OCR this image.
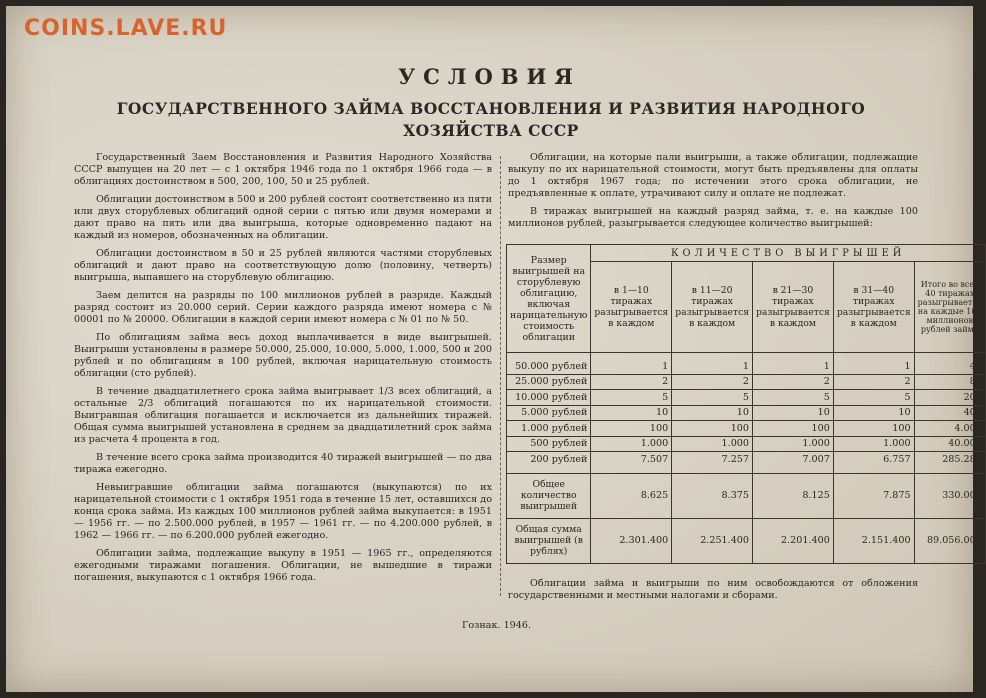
COINS.LAVE.RU
УСЛОВИЯ
ГОСУДАРСТВЕННОГО ЗАЙМА ВОССТАНОВЛЕНИЯ И РАЗВИТИЯ НАРОДНОГО ХОЗЯЙСТВА СССР

Государственный Заем Восстановления и Развития Народного Хозяйства СССР выпущен на 20 лет — с 1 октября 1946 года по 1 октября 1966 года — в облигациях достоинством в 500, 200, 100, 50 и 25 рублей.

Облигации достоинством в 500 и 200 рублей состоят соответственно из пяти или двух сторублевых облигаций одной серии с пятью или двумя номерами и дают право на пять или два выигрыша, которые одновременно падают на каждый из номеров, обозначенных на облигации.

Облигации достоинством в 50 и 25 рублей являются частями сторублевых облигаций и дают право на соответствующую долю (половину, четверть) выигрыша, выпавшего на сторублевую облигацию.

Заем делится на разряды по 100 миллионов рублей в разряде. Каждый разряд состоит из 20.000 серий. Серии каждого разряда имеют номера с № 00001 по № 20000. Облигации в каждой серии имеют номера с № 01 по № 50.

По облигациям займа весь доход выплачивается в виде выигрышей. Выигрыши установлены в размере 50.000, 25.000, 10.000, 5.000, 1.000, 500 и 200 рублей и по облигациям в 100 рублей, включая нарицательную стоимость облигации (сто рублей).

В течение двадцатилетнего срока займа выигрывает 1/3 всех облигаций, а остальные 2/3 облигаций погашаются по их нарицательной стоимости. Выигравшая облигация погашается и исключается из дальнейших тиражей. Общая сумма выигрышей установлена в среднем за двадцатилетний срок займа из расчета 4 процента в год.

В течение всего срока займа производится 40 тиражей выигрышей — по два тиража ежегодно.

Невыигравшие облигации займа погашаются (выкупаются) по их нарицательной стоимости с 1 октября 1951 года в течение 15 лет, оставшихся до конца срока займа. Из каждых 100 миллионов рублей займа выкупается: в 1951 — 1956 гг. — по 2.500.000 рублей, в 1957 — 1961 гг. — по 4.200.000 рублей, в 1962 — 1966 гг. — по 6.200.000 рублей ежегодно.

Облигации займа, подлежащие выкупу в 1951 — 1965 гг., определяются ежегодными тиражами погашения. Облигации, не вышедшие в тиражи погашения, выкупаются с 1 октября 1966 года.

Облигации, на которые пали выигрыши, а также облигации, подлежащие выкупу по их нарицательной стоимости, могут быть предъявлены для оплаты до 1 октября 1967 года; по истечении этого срока облигации, не предъявленные к оплате, утрачивают силу и оплате не подлежат.

В тиражах выигрышей на каждый разряд займа, т. е. на каждые 100 миллионов рублей, разыгрывается следующее количество выигрышей:

Размер выигрышей на сторублевую облигацию, включая нарицательную стоимость облигации	КОЛИЧЕСТВО ВЫИГРЫШЕЙ				
	в 1—10 тиражах разыгрывается в каждом	в 11—20 тиражах разыгрывается в каждом	в 21—30 тиражах разыгрывается в каждом	в 31—40 тиражах разыгрывается в каждом	Итого во всех 40 тиражах разыгрывается на каждые 100 миллионов рублей займа
50.000 рублей	1	1	1	1	40
25.000 рублей	2	2	2	2	80
10.000 рублей	5	5	5	5	200
5.000 рублей	10	10	10	10	400
1.000 рублей	100	100	100	100	4.000
500 рублей	1.000	1.000	1.000	1.000	40.000
200 рублей	7.507	7.257	7.007	6.757	285.280
Общее количество выигрышей	8.625	8.375	8.125	7.875	330.000
Общая сумма выигрышей (в рублях)	2.301.400	2.251.400	2.201.400	2.151.400	89.056.000
Облигации займа и выигрыши по ним освобождаются от обложения государственными и местными налогами и сборами.
Гознак. 1946.
